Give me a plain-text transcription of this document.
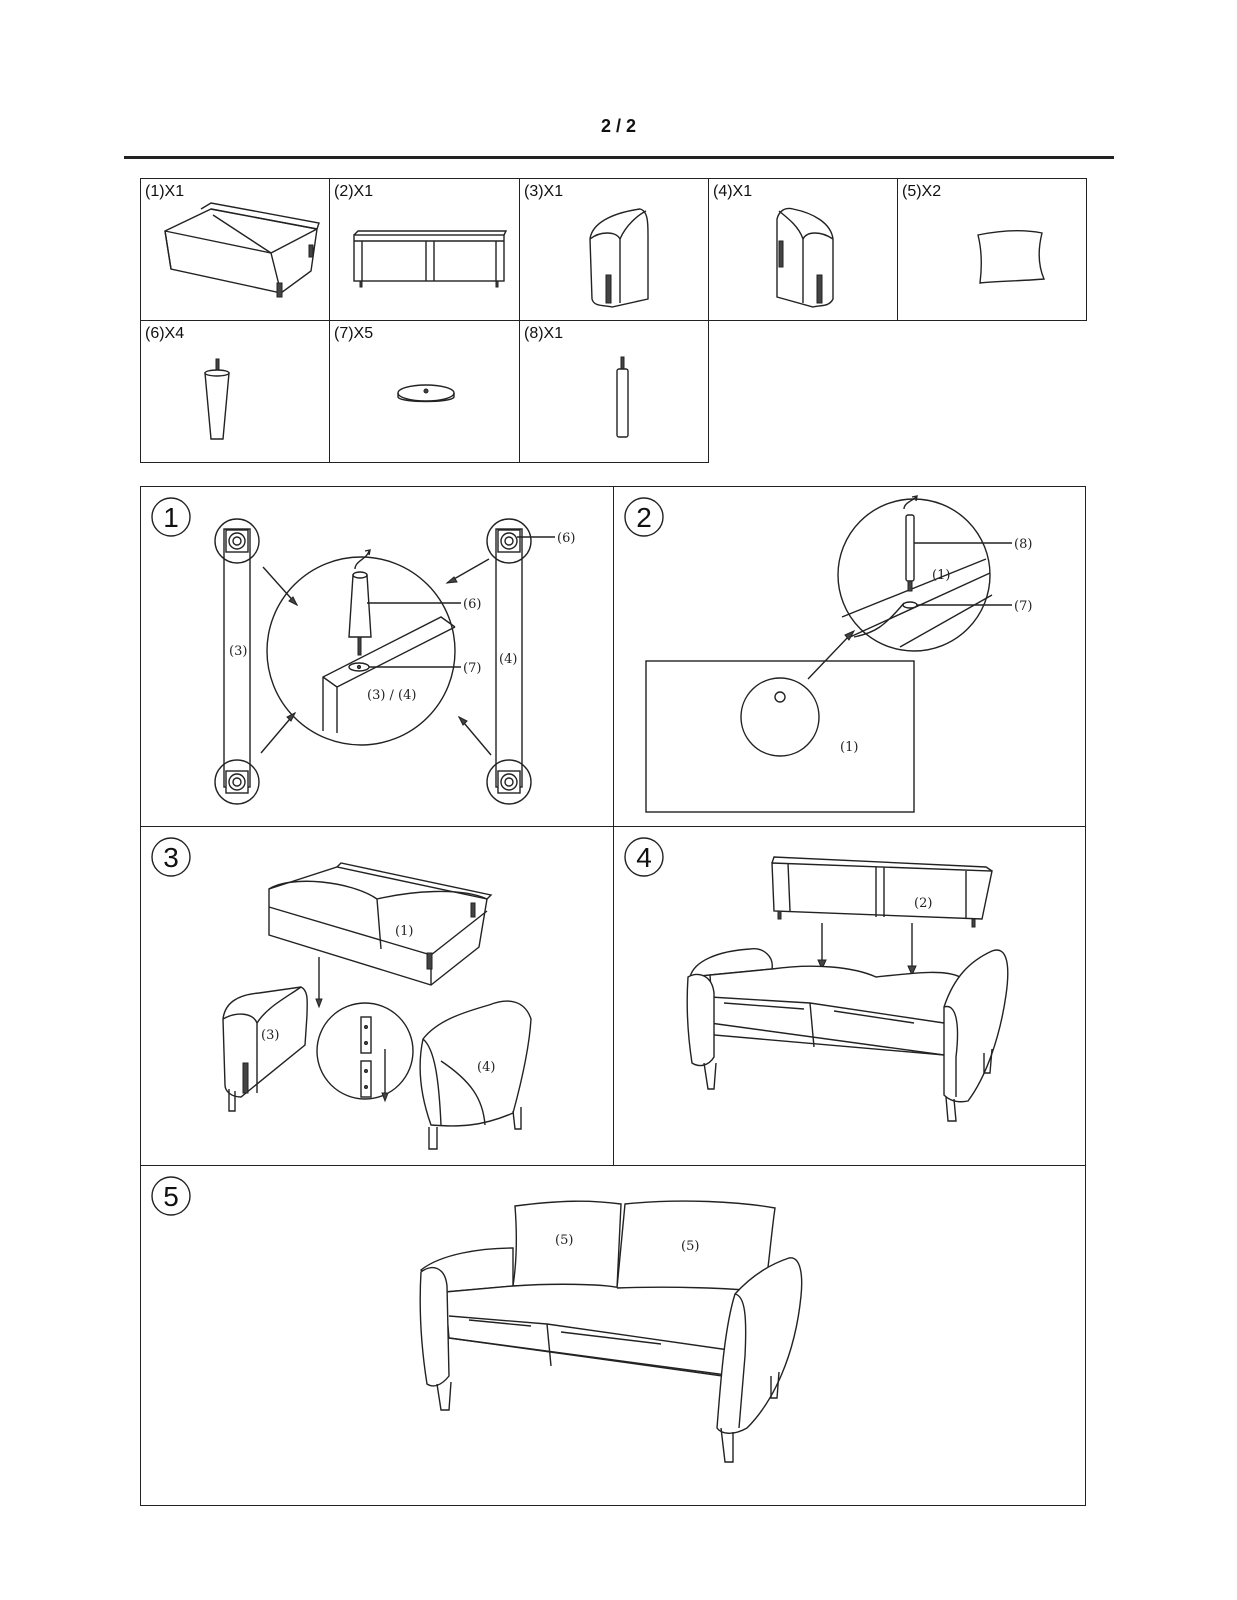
2 / 2
(1)X1	(2)X1	(3)X1	(4)X1	(5)X2
(6)X4	(7)X5	(8)X1
1
(3)
(4)
(6)
(6)
(7)
(3) / (4)
2
(1)
(1)
(8)
(7)
3
(1)
(3)
(4)
4
(2)
5
(5)	(5)
